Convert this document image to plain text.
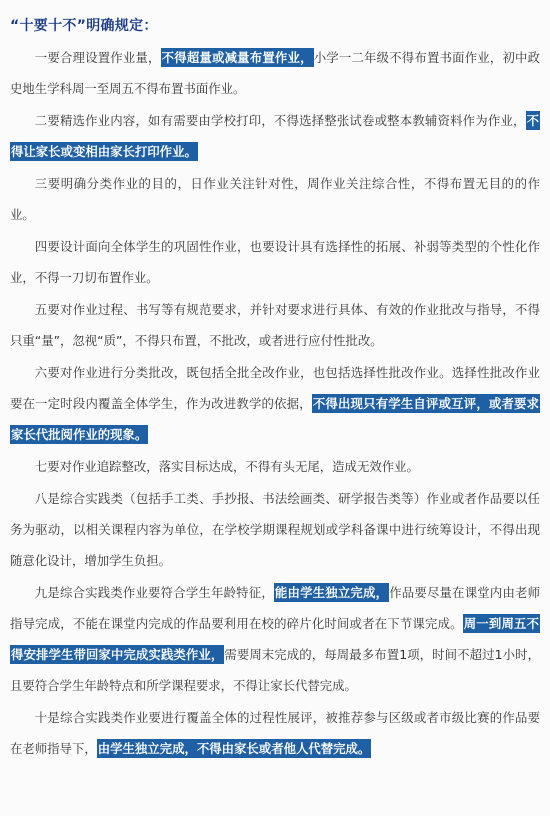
“十要十不”明确规定：

一要合理设置作业量，不得超量或减量布置作业，小学一二年级不得布置书面作业，初中政史地生学科周一至周五不得布置书面作业。

二要精选作业内容，如有需要由学校打印，不得选择整张试卷或整本教辅资料作为作业，不得让家长或变相由家长打印作业。

三要明确分类作业的目的，日作业关注针对性，周作业关注综合性，不得布置无目的的作业。

四要设计面向全体学生的巩固性作业，也要设计具有选择性的拓展、补弱等类型的个性化作业，不得一刀切布置作业。

五要对作业过程、书写等有规范要求，并针对要求进行具体、有效的作业批改与指导，不得只重“量”，忽视“质”，不得只布置，不批改，或者进行应付性批改。

六要对作业进行分类批改，既包括全批全改作业，也包括选择性批改作业。选择性批改作业要在一定时段内覆盖全体学生，作为改进教学的依据，不得出现只有学生自评或互评，或者要求家长代批阅作业的现象。

七要对作业追踪整改，落实目标达成，不得有头无尾，造成无效作业。

八是综合实践类（包括手工类、手抄报、书法绘画类、研学报告类等）作业或者作品要以任务为驱动，以相关课程内容为单位，在学校学期课程规划或学科备课中进行统筹设计，不得出现随意化设计，增加学生负担。

九是综合实践类作业要符合学生年龄特征，能由学生独立完成，作品要尽量在课堂内由老师指导完成，不能在课堂内完成的作品要利用在校的碎片化时间或者在下节课完成。周一到周五不得安排学生带回家中完成实践类作业，需要周末完成的，每周最多布置1项，时间不超过1小时，且要符合学生年龄特点和所学课程要求，不得让家长代替完成。

十是综合实践类作业要进行覆盖全体的过程性展评，被推荐参与区级或者市级比赛的作品要在老师指导下，由学生独立完成，不得由家长或者他人代替完成。
